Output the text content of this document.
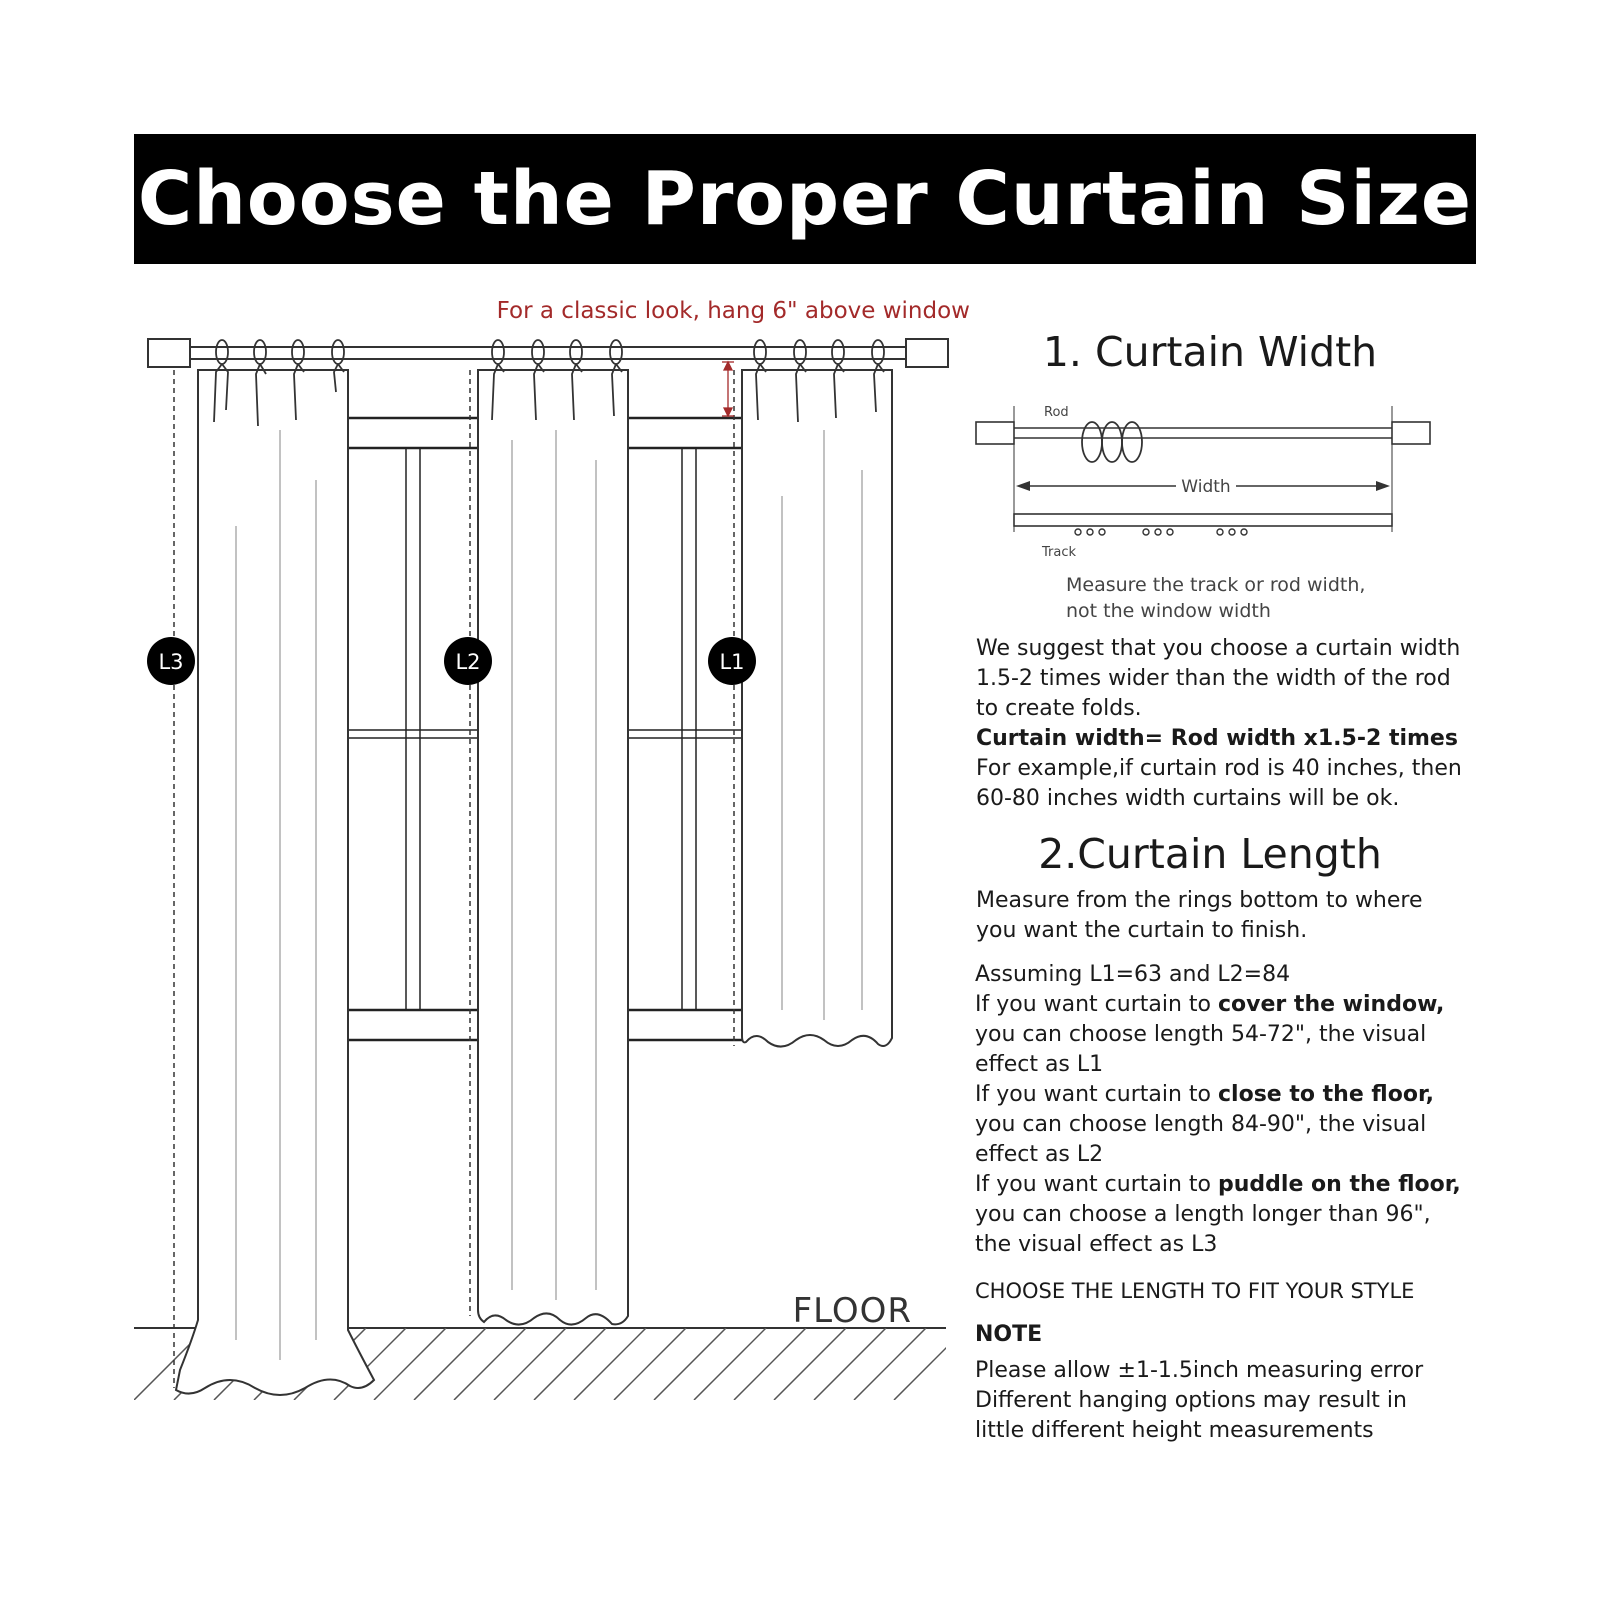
Choose the Proper Curtain Size
For a classic look, hang 6" above window
L3	L2	L1
FLOOR
Rod
Width
Track
1. Curtain Width
Measure the track or rod width,
not the window width
We suggest that you choose a curtain width
1.5-2 times wider than the width of the rod
to create folds.
Curtain width= Rod width x1.5-2 times
For example,if curtain rod is 40 inches, then
60-80 inches width curtains will be ok.
2.Curtain Length
Measure from the rings bottom to where
you want the curtain to finish.
Assuming L1=63 and L2=84
If you want curtain to cover the window,
you can choose length 54-72", the visual
effect as L1
If you want curtain to close to the floor,
you can choose length 84-90", the visual
effect as L2
If you want curtain to puddle on the floor,
you can choose a length longer than 96",
the visual effect as L3
CHOOSE THE LENGTH TO FIT YOUR STYLE
NOTE
Please allow ±1-1.5inch measuring error
Different hanging options may result in
little different height measurements
